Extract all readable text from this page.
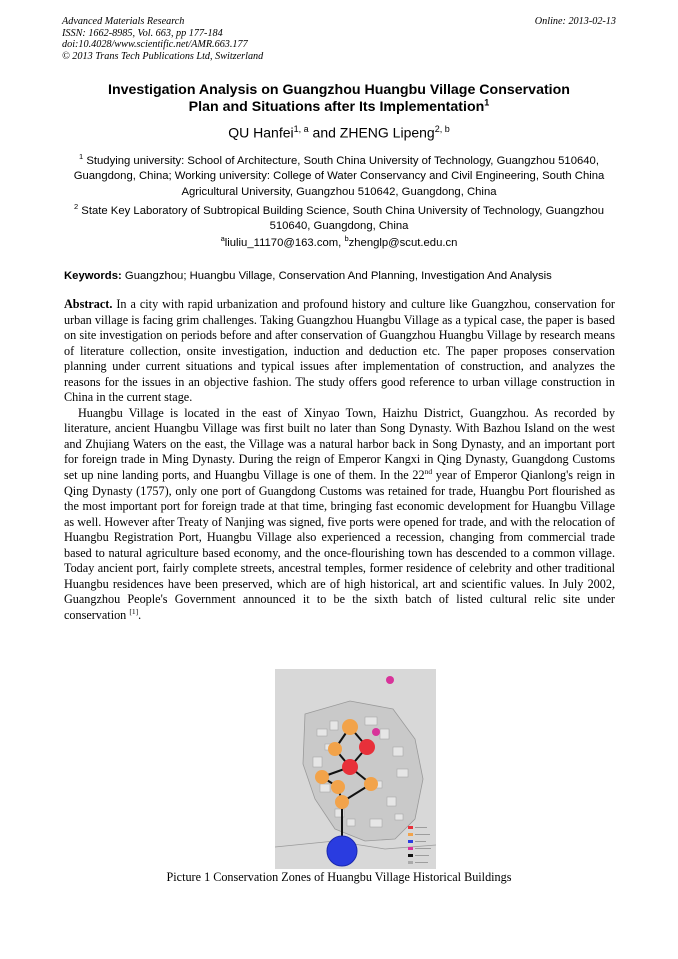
Advanced Materials Research
ISSN: 1662-8985, Vol. 663, pp 177-184
doi:10.4028/www.scientific.net/AMR.663.177
© 2013 Trans Tech Publications Ltd, Switzerland
Online: 2013-02-13
Investigation Analysis on Guangzhou Huangbu Village Conservation
Plan and Situations after Its Implementation$^1$
QU Hanfei$^{1, a}$ and ZHENG Lipeng$^{2, b}$
$^1$ Studying university: School of Architecture, South China University of Technology, Guangzhou 510640, Guangdong, China; Working university: College of Water Conservancy and Civil Engineering, South China Agricultural University, Guangzhou 510642, Guangdong, China
$^2$ State Key Laboratory of Subtropical Building Science, South China University of Technology, Guangzhou 510640, Guangdong, China
$^a$liuliu_11170@163.com, $^b$zhenglp@scut.edu.cn
Keywords: Guangzhou; Huangbu Village, Conservation And Planning, Investigation And Analysis

Abstract. In a city with rapid urbanization and profound history and culture like Guangzhou, conservation for urban village is facing grim challenges. Taking Guangzhou Huangbu Village as a typical case, the paper is based on site investigation on periods before and after conservation of Guangzhou Huangbu Village by research means of literature collection, onsite investigation, induction and deduction etc. The paper proposes conservation planning under current situations and typical issues after implementation of construction, and analyzes the reasons for the issues in an objective fashion. The study offers good reference to urban village construction in China in the current stage.

Huangbu Village is located in the east of Xinyao Town, Haizhu District, Guangzhou. As recorded by literature, ancient Huangbu Village was first built no later than Song Dynasty. With Bazhou Island on the west and Zhujiang Waters on the east, the Village was a natural harbor back in Song Dynasty, and an important port for foreign trade in Ming Dynasty. During the reign of Emperor Kangxi in Qing Dynasty, Guangdong Customs set up nine landing ports, and Huangbu Village is one of them. In the 22nd year of Emperor Qianlong's reign in Qing Dynasty (1757), only one port of Guangdong Customs was retained for trade, Huangbu Port flourished as the most important port for foreign trade at that time, bringing fast economic development for Huangbu Village as well. However after Treaty of Nanjing was signed, five ports were opened for trade, and with the relocation of Huangbu Registration Port, Huangbu Village also experienced a recession, changing from commercial trade based to natural agriculture based economy, and the once-flourishing town has descended to a common village. Today ancient port, fairly complete streets, ancestral temples, former residence of celebrity and other traditional Huangbu residences have been preserved, which are of high historical, art and scientific values. In July 2002, Guangzhou People's Government announced it to be the sixth batch of listed cultural relic site under conservation [1].

Picture 1 Conservation Zones of Huangbu Village Historical Buildings
